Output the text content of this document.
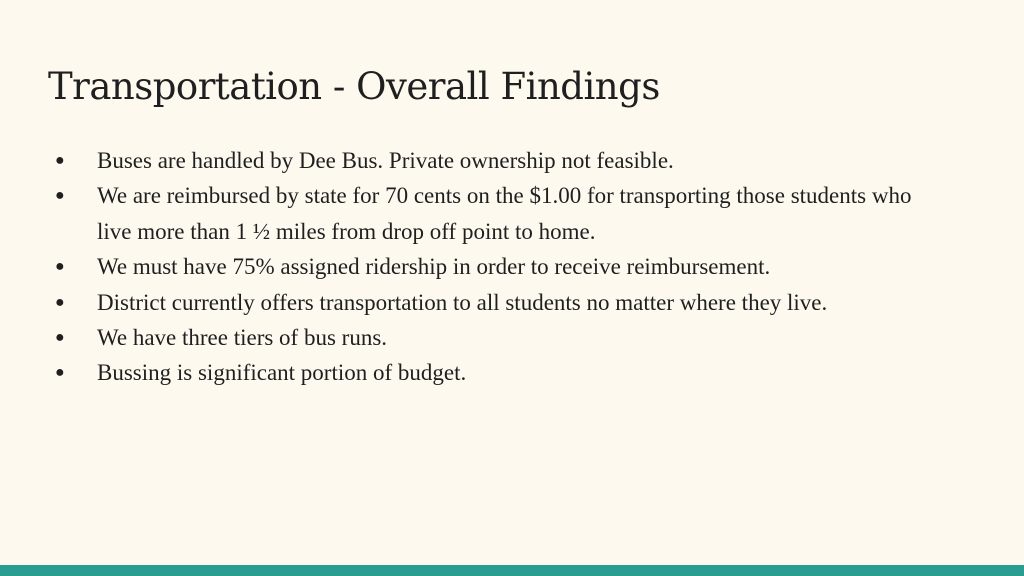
Transportation - Overall Findings
● Buses are handled by Dee Bus. Private ownership not feasible.
● We are reimbursed by state for 70 cents on the $1.00 for transporting those students who live more than 1 ½ miles from drop off point to home.
● We must have 75% assigned ridership in order to receive reimbursement.
● District currently offers transportation to all students no matter where they live.
● We have three tiers of bus runs.
● Bussing is significant portion of budget.
